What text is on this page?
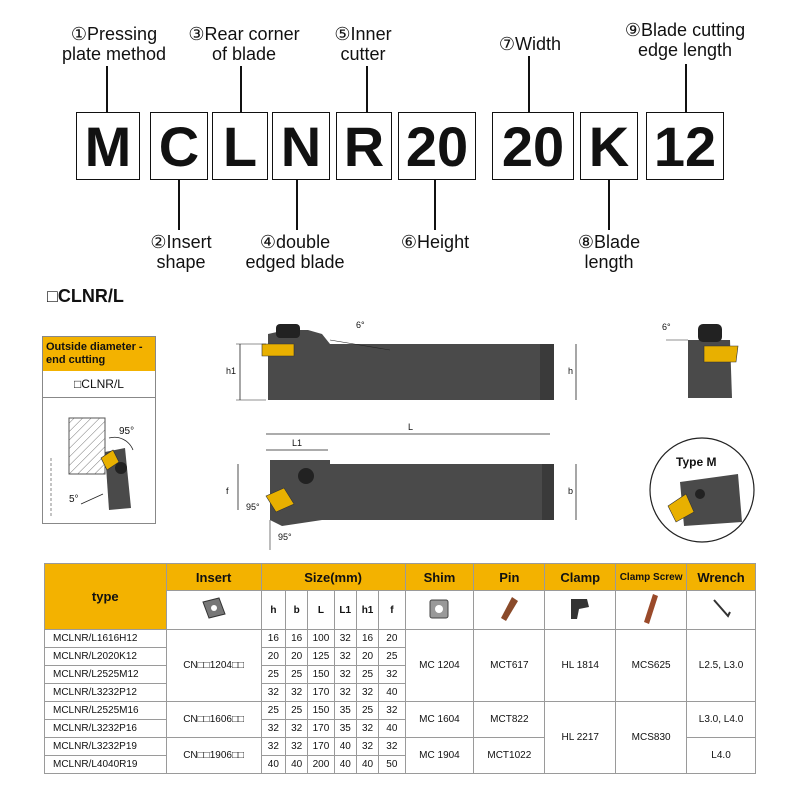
①Pressing
plate method
③Rear corner
of blade
⑤Inner
cutter	⑦Width
⑨Blade cutting
edge length
M C L N R 20 20 K 12
②Insert
shape
④double
edged blade
⑥Height	⑧Blade
length
□CLNR/L
Outside diameter -end cutting
□CLNR/L
95°
5°
h1	h
6°	6°
L
L1
f	b
95°
95°
Type M
type	Insert	Size(mm)						Shim	Pin	Clamp	Clamp Screw	Wrench
	h	b	L	L1	h1	f					
MCLNR/L1616H12	CN□□1204□□	16	16	100	32	16	20	MC 1204	MCT617	HL 1814	MCS625	L2.5, L3.0
MCLNR/L2020K12		20	20	125	32	20	25					
MCLNR/L2525M12		25	25	150	32	25	32					
MCLNR/L3232P12		32	32	170	32	32	40					
MCLNR/L2525M16	CN□□1606□□	25	25	150	35	25	32	MC 1604	MCT822	HL 2217	MCS830	L3.0, L4.0
MCLNR/L3232P16		32	32	170	35	32	40					
MCLNR/L3232P19	CN□□1906□□	32	32	170	40	32	32	MC 1904	MCT1022			L4.0
MCLNR/L4040R19		40	40	200	40	40	50					
